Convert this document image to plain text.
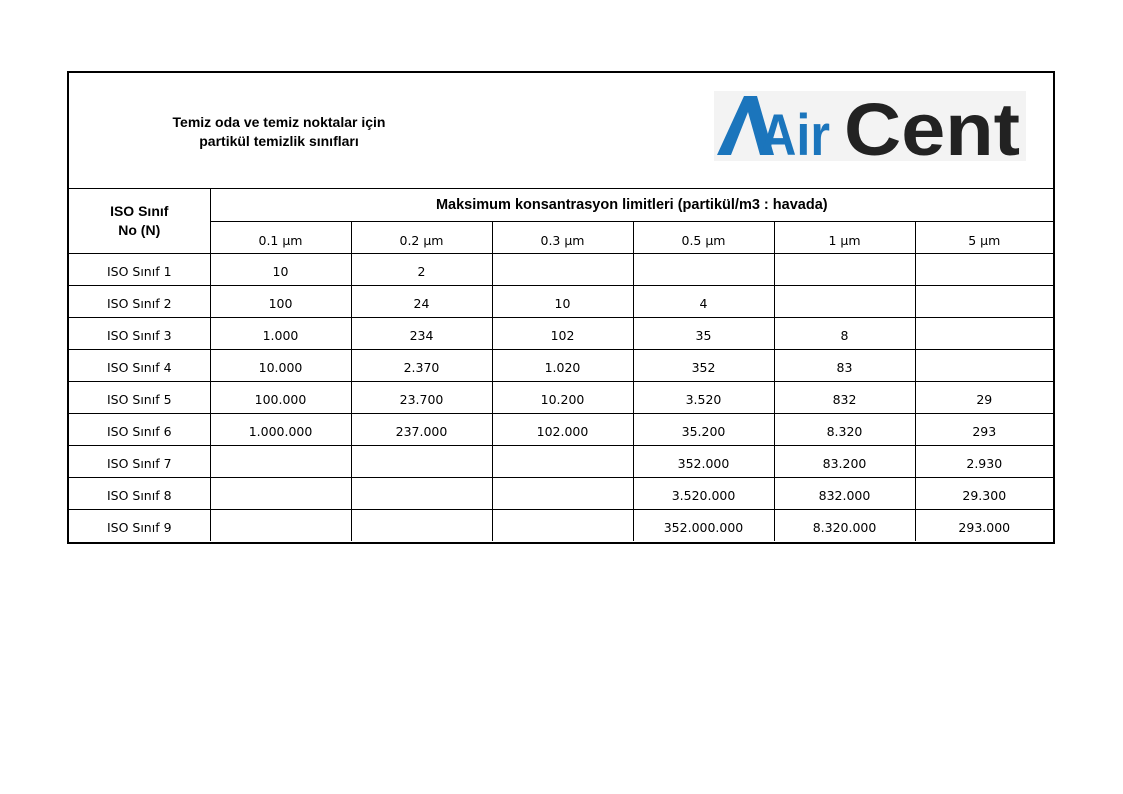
Temiz oda ve temiz noktalar için
partikül temizlik sınıfları	Air Cent
ISO Sınıf
No (N)	Maksimum konsantrasyon limitleri (partikül/m3 : havada)					
	0.1 µm	0.2 µm	0.3 µm	0.5 µm	1 µm	5 µm
ISO Sınıf 1	10	2				
ISO Sınıf 2	100	24	10	4		
ISO Sınıf 3	1.000	234	102	35	8	
ISO Sınıf 4	10.000	2.370	1.020	352	83	
ISO Sınıf 5	100.000	23.700	10.200	3.520	832	29
ISO Sınıf 6	1.000.000	237.000	102.000	35.200	8.320	293
ISO Sınıf 7				352.000	83.200	2.930
ISO Sınıf 8				3.520.000	832.000	29.300
ISO Sınıf 9				352.000.000	8.320.000	293.000
